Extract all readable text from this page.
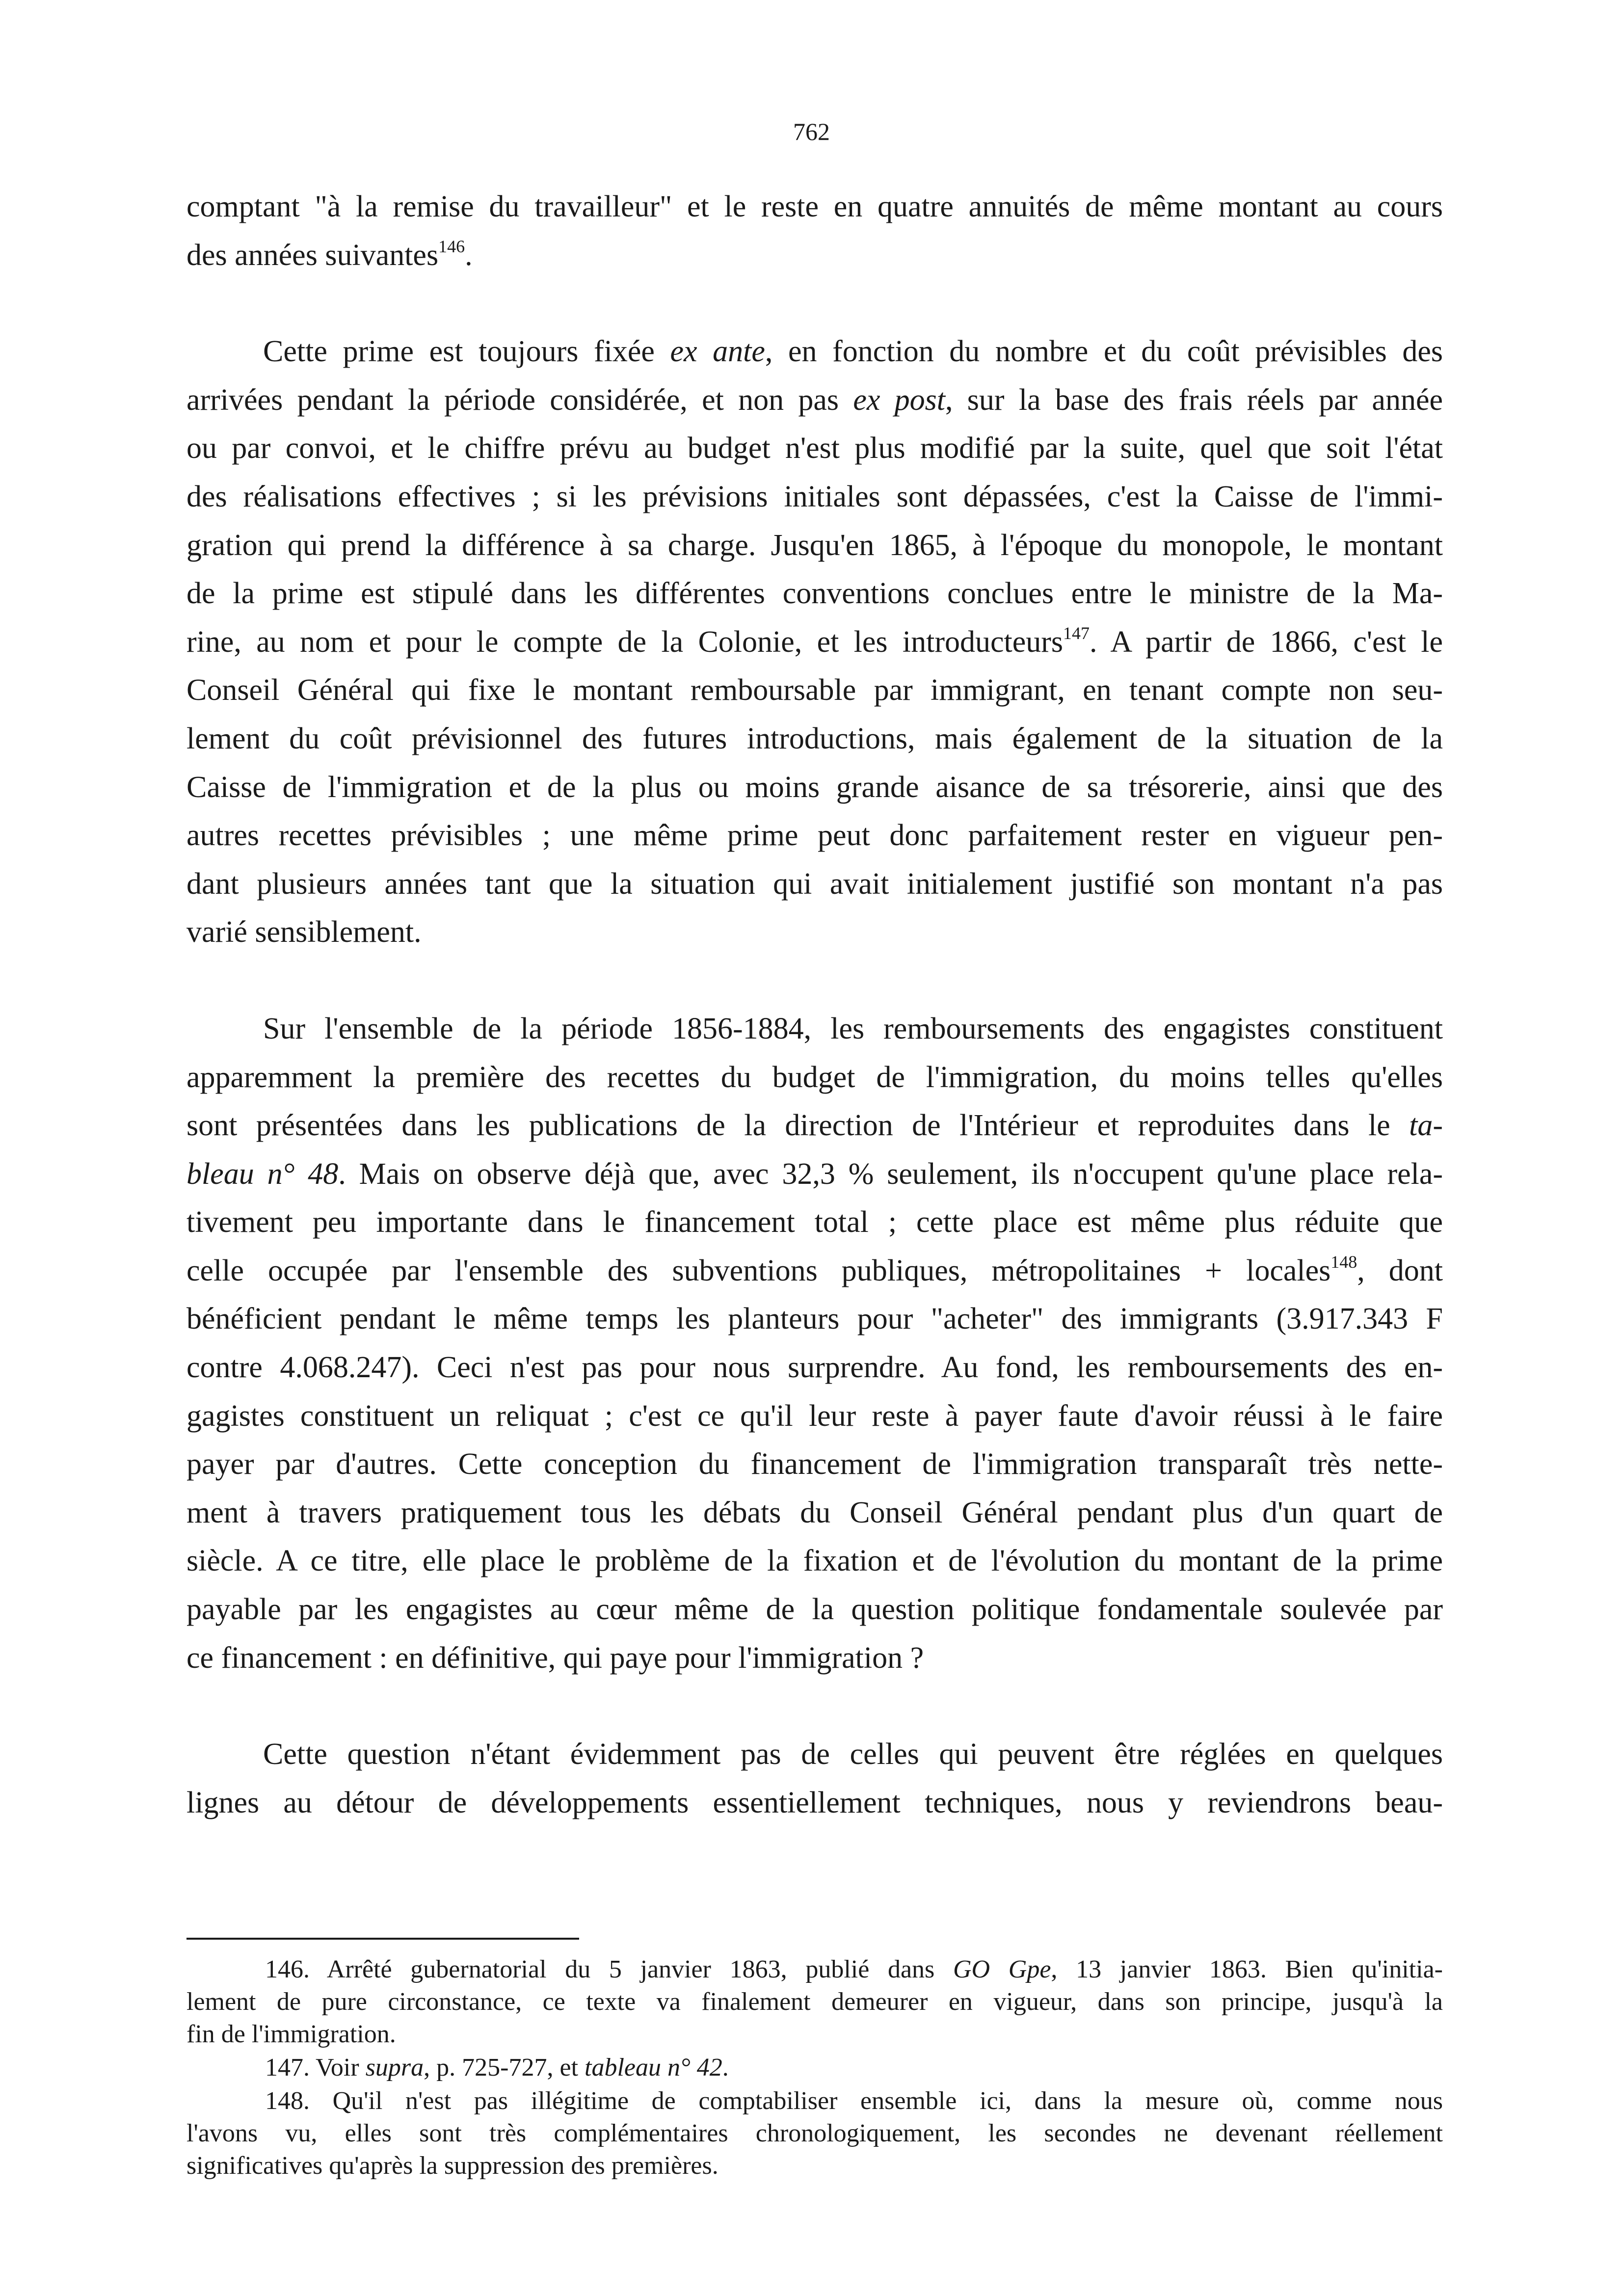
762
comptant "à la remise du travailleur" et le reste en quatre annuités de même montant au cours
des années suivantes$^{146}$.
Cette prime est toujours fixée ex ante, en fonction du nombre et du coût prévisibles des
arrivées pendant la période considérée, et non pas ex post, sur la base des frais réels par année
ou par convoi, et le chiffre prévu au budget n'est plus modifié par la suite, quel que soit l'état
des réalisations effectives ; si les prévisions initiales sont dépassées, c'est la Caisse de l'immi-
gration qui prend la différence à sa charge. Jusqu'en 1865, à l'époque du monopole, le montant
de la prime est stipulé dans les différentes conventions conclues entre le ministre de la Ma-
rine, au nom et pour le compte de la Colonie, et les introducteurs$^{147}$. A partir de 1866, c'est le
Conseil Général qui fixe le montant remboursable par immigrant, en tenant compte non seu-
lement du coût prévisionnel des futures introductions, mais également de la situation de la
Caisse de l'immigration et de la plus ou moins grande aisance de sa trésorerie, ainsi que des
autres recettes prévisibles ; une même prime peut donc parfaitement rester en vigueur pen-
dant plusieurs années tant que la situation qui avait initialement justifié son montant n'a pas
varié sensiblement.
Sur l'ensemble de la période 1856-1884, les remboursements des engagistes constituent
apparemment la première des recettes du budget de l'immigration, du moins telles qu'elles
sont présentées dans les publications de la direction de l'Intérieur et reproduites dans le ta-
bleau n° 48. Mais on observe déjà que, avec 32,3 % seulement, ils n'occupent qu'une place rela-
tivement peu importante dans le financement total ; cette place est même plus réduite que
celle occupée par l'ensemble des subventions publiques, métropolitaines + locales$^{148}$, dont
bénéficient pendant le même temps les planteurs pour "acheter" des immigrants (3.917.343 F
contre 4.068.247). Ceci n'est pas pour nous surprendre. Au fond, les remboursements des en-
gagistes constituent un reliquat ; c'est ce qu'il leur reste à payer faute d'avoir réussi à le faire
payer par d'autres. Cette conception du financement de l'immigration transparaît très nette-
ment à travers pratiquement tous les débats du Conseil Général pendant plus d'un quart de
siècle. A ce titre, elle place le problème de la fixation et de l'évolution du montant de la prime
payable par les engagistes au cœur même de la question politique fondamentale soulevée par
ce financement : en définitive, qui paye pour l'immigration ?
Cette question n'étant évidemment pas de celles qui peuvent être réglées en quelques
lignes au détour de développements essentiellement techniques, nous y reviendrons beau-
146. Arrêté gubernatorial du 5 janvier 1863, publié dans GO Gpe, 13 janvier 1863. Bien qu'initia-
lement de pure circonstance, ce texte va finalement demeurer en vigueur, dans son principe, jusqu'à la
fin de l'immigration.
147. Voir supra, p. 725-727, et tableau n° 42.
148. Qu'il n'est pas illégitime de comptabiliser ensemble ici, dans la mesure où, comme nous
l'avons vu, elles sont très complémentaires chronologiquement, les secondes ne devenant réellement
significatives qu'après la suppression des premières.
